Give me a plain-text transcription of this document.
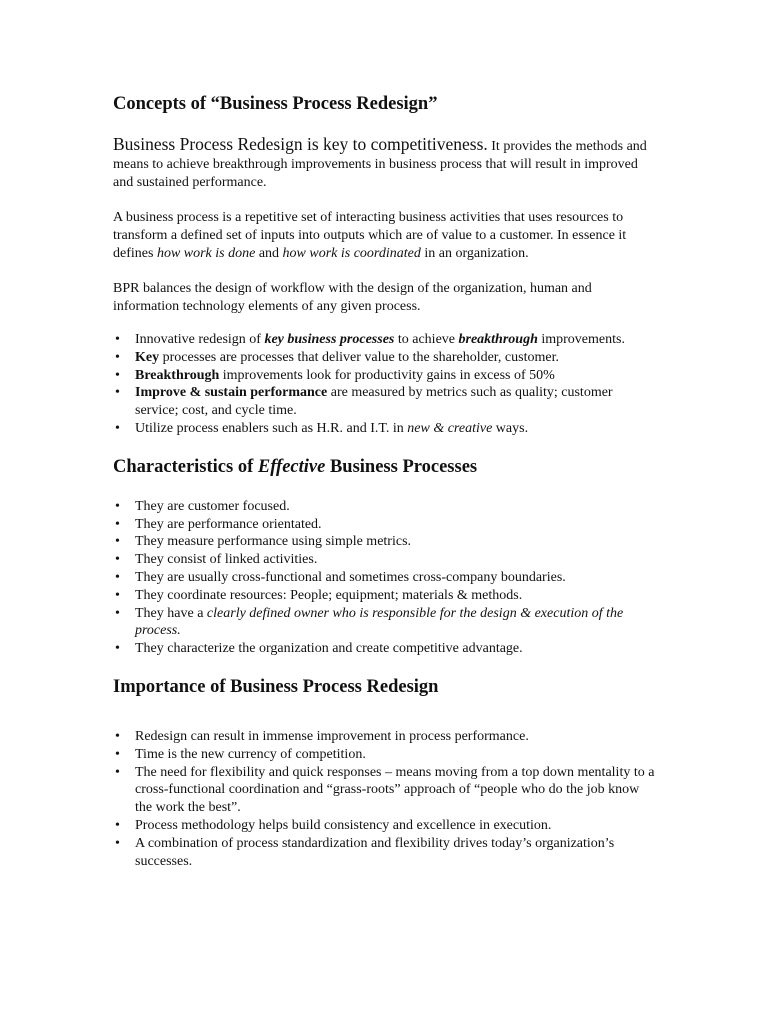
Concepts of “Business Process Redesign”

Business Process Redesign is key to competitiveness. It provides the methods and means to achieve breakthrough improvements in business process that will result in improved and sustained performance.

A business process is a repetitive set of interacting business activities that uses resources to transform a defined set of inputs into outputs which are of value to a customer. In essence it defines how work is done and how work is coordinated in an organization.

BPR balances the design of workflow with the design of the organization, human and information technology elements of any given process.

• Innovative redesign of key business processes to achieve breakthrough improvements.
• Key processes are processes that deliver value to the shareholder, customer.
• Breakthrough improvements look for productivity gains in excess of 50%
• Improve & sustain performance are measured by metrics such as quality; customer service; cost, and cycle time.
• Utilize process enablers such as H.R. and I.T. in new & creative ways.
Characteristics of Effective Business Processes
• They are customer focused.
• They are performance orientated.
• They measure performance using simple metrics.
• They consist of linked activities.
• They are usually cross-functional and sometimes cross-company boundaries.
• They coordinate resources: People; equipment; materials & methods.
• They have a clearly defined owner who is responsible for the design & execution of the process.
• They characterize the organization and create competitive advantage.
Importance of Business Process Redesign
• Redesign can result in immense improvement in process performance.
• Time is the new currency of competition.
• The need for flexibility and quick responses – means moving from a top down mentality to a cross-functional coordination and “grass-roots” approach of “people who do the job know the work the best”.
• Process methodology helps build consistency and excellence in execution.
• A combination of process standardization and flexibility drives today’s organization’s successes.
